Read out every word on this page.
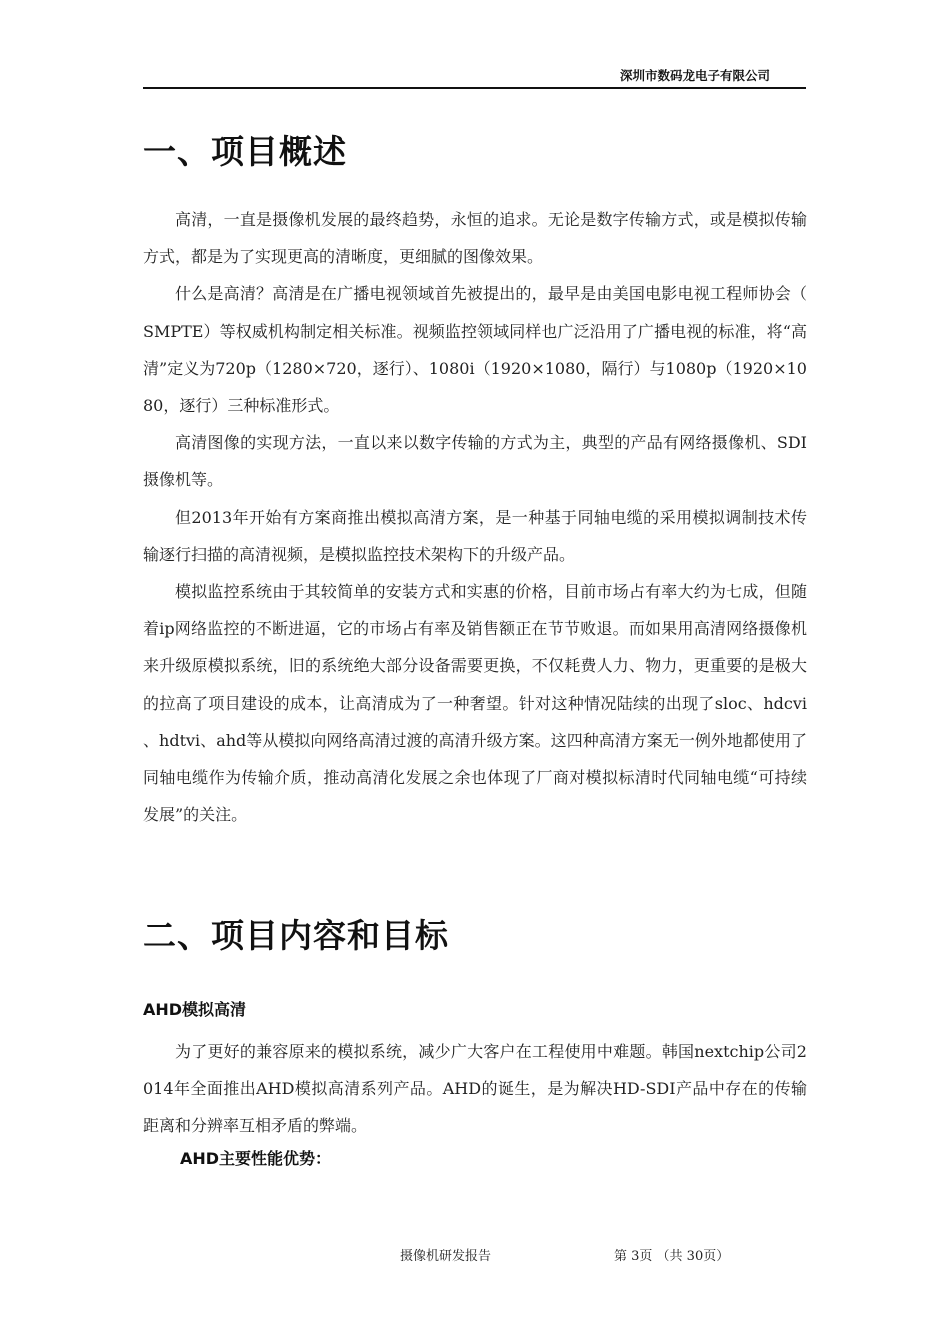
深圳市数码龙电子有限公司
一、项目概述

高清，一直是摄像机发展的最终趋势，永恒的追求。无论是数字传输方式，或是模拟传输方式，都是为了实现更高的清晰度，更细腻的图像效果。

什么是高清？高清是在广播电视领域首先被提出的，最早是由美国电影电视工程师协会（SMPTE）等权威机构制定相关标准。视频监控领域同样也广泛沿用了广播电视的标准，将“高清”定义为720p（1280×720，逐行）、1080i（1920×1080，隔行）与1080p（1920×1080，逐行）三种标准形式。

高清图像的实现方法，一直以来以数字传输的方式为主，典型的产品有网络摄像机、SDI摄像机等。

但2013年开始有方案商推出模拟高清方案，是一种基于同轴电缆的采用模拟调制技术传输逐行扫描的高清视频，是模拟监控技术架构下的升级产品。

模拟监控系统由于其较简单的安装方式和实惠的价格，目前市场占有率大约为七成，但随着ip网络监控的不断进逼，它的市场占有率及销售额正在节节败退。而如果用高清网络摄像机来升级原模拟系统，旧的系统绝大部分设备需要更换，不仅耗费人力、物力，更重要的是极大的拉高了项目建设的成本，让高清成为了一种奢望。针对这种情况陆续的出现了sloc、hdcvi、hdtvi、ahd等从模拟向网络高清过渡的高清升级方案。这四种高清方案无一例外地都使用了同轴电缆作为传输介质，推动高清化发展之余也体现了厂商对模拟标清时代同轴电缆“可持续发展”的关注。

二、项目内容和目标
AHD模拟高清

为了更好的兼容原来的模拟系统，减少广大客户在工程使用中难题。韩国nextchip公司2014年全面推出AHD模拟高清系列产品。AHD的诞生，是为解决HD-SDI产品中存在的传输距离和分辨率互相矛盾的弊端。

AHD主要性能优势：
摄像机研发报告	第 3页 （共 30页）
